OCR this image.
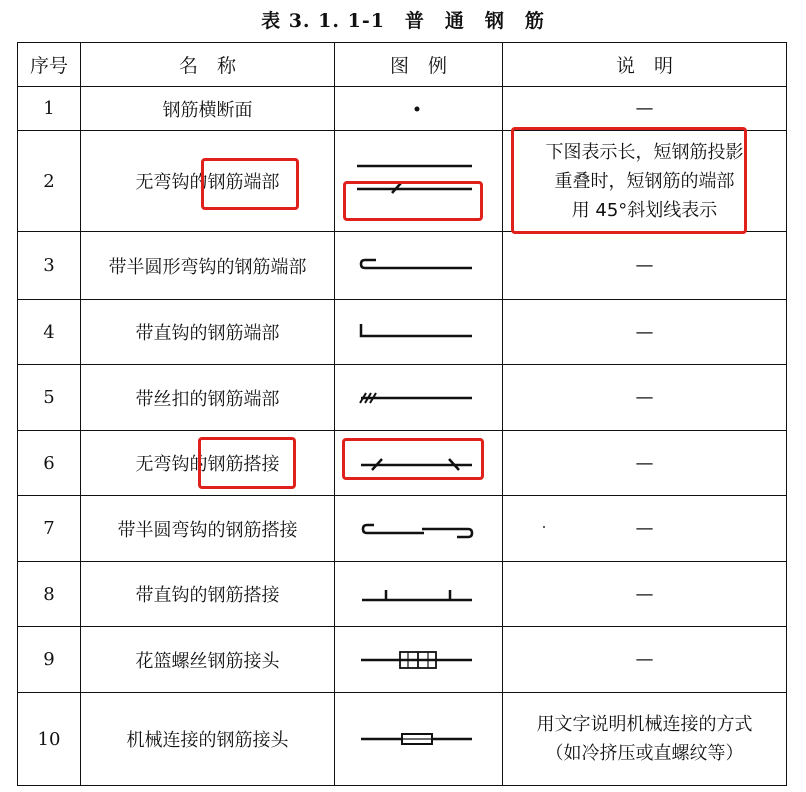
表 3. 1. 1-1　普　通　钢　筋
序号	名　称	图　例	说　明
1	钢筋横断面		—
2	无弯钩的钢筋端部		下图表示长，短钢筋投影
重叠时，短钢筋的端部
用 45°斜划线表示

3	带半圆形弯钩的钢筋端部		—
4	带直钩的钢筋端部		—
5	带丝扣的钢筋端部		—
6	无弯钩的钢筋搭接		—
7	带半圆弯钩的钢筋搭接		—

8	带直钩的钢筋搭接		—
9	花篮螺丝钢筋接头		—
10	机械连接的钢筋接头		用文字说明机械连接的方式
（如冷挤压或直螺纹等）
